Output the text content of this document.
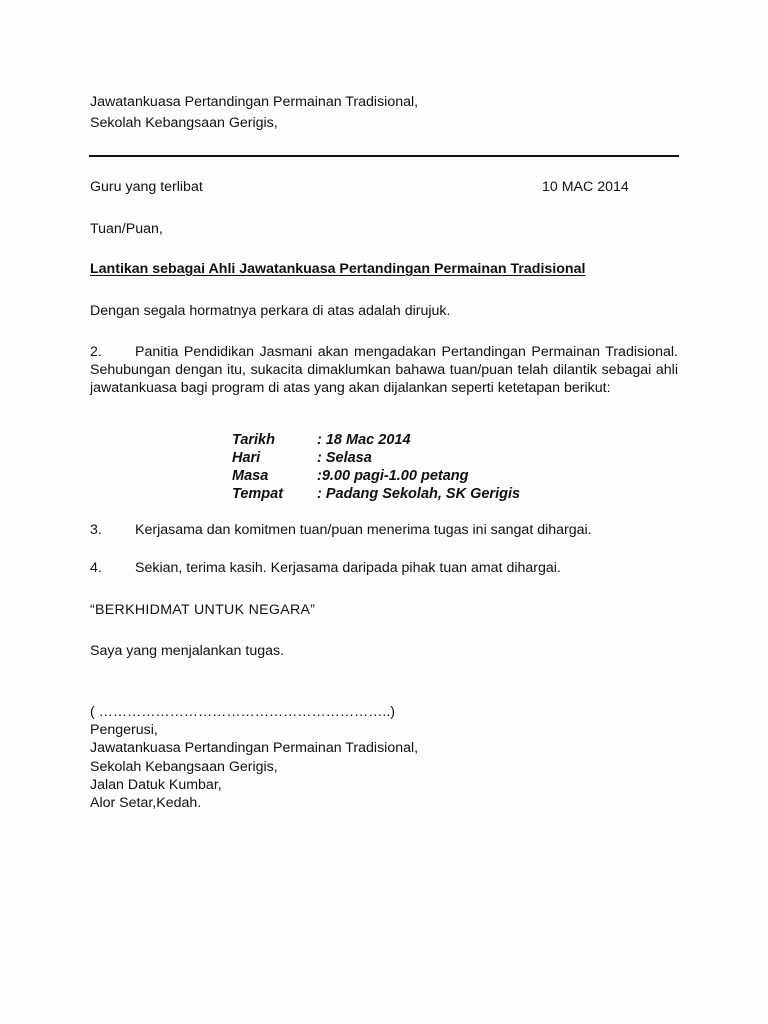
Jawatankuasa Pertandingan Permainan Tradisional,
Sekolah Kebangsaan Gerigis,
Guru yang terlibat	10 MAC 2014
Tuan/Puan,
Lantikan sebagai Ahli Jawatankuasa Pertandingan Permainan Tradisional
Dengan segala hormatnya perkara di atas adalah dirujuk.
2. Panitia Pendidikan Jasmani akan mengadakan Pertandingan Permainan Tradisional. Sehubungan dengan itu, sukacita dimaklumkan bahawa tuan/puan telah dilantik sebagai ahli jawatankuasa bagi program di atas yang akan dijalankan seperti ketetapan berikut:
Tarikh	: 18 Mac 2014
Hari	: Selasa
Masa	:9.00 pagi-1.00 petang
Tempat	: Padang Sekolah, SK Gerigis
3. Kerjasama dan komitmen tuan/puan menerima tugas ini sangat dihargai.
4. Sekian, terima kasih. Kerjasama daripada pihak tuan amat dihargai.
“BERKHIDMAT UNTUK NEGARA”
Saya yang menjalankan tugas.
( ……………………………………………………..)
Pengerusi,
Jawatankuasa Pertandingan Permainan Tradisional,
Sekolah Kebangsaan Gerigis,
Jalan Datuk Kumbar,
Alor Setar,Kedah.
